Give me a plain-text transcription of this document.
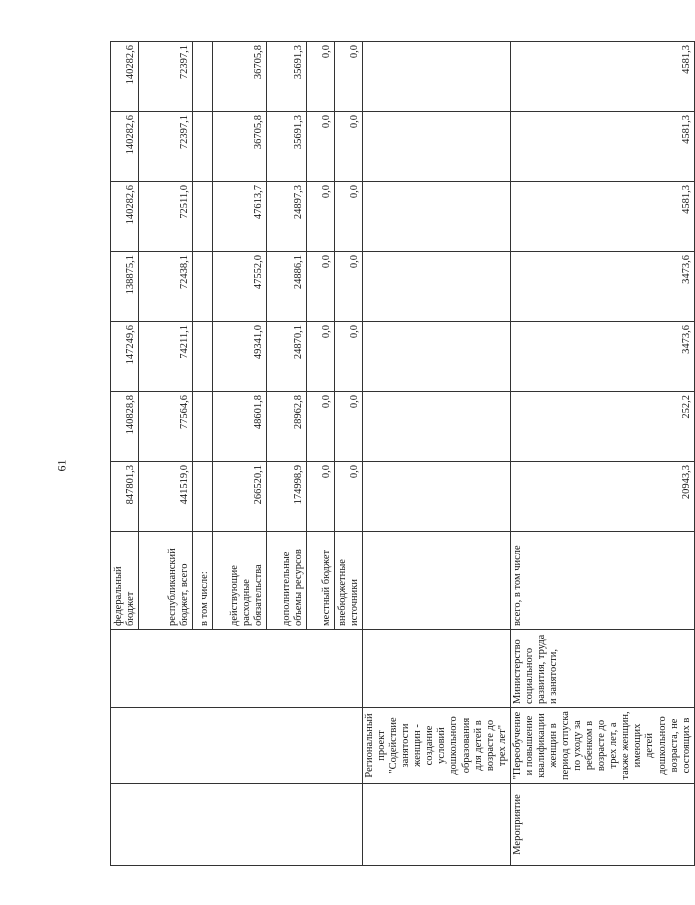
61
			федеральный бюджет	847801,3	140828,8	147249,6	138875,1	140282,6	140282,6	140282,6
			республиканский бюджет, всего	441519,0	77564,6	74211,1	72438,1	72511,0	72397,1	72397,1
			в том числе:							
			действующие расходные обязательства	266520,1	48601,8	49341,0	47552,0	47613,7	36705,8	36705,8
			дополнительные объемы ресурсов	174998,9	28962,8	24870,1	24886,1	24897,3	35691,3	35691,3
			местный бюджет	0,0	0,0	0,0	0,0	0,0	0,0	0,0
			внебюджетные источники	0,0	0,0	0,0	0,0	0,0	0,0	0,0
	Региональный проект "Содействие занятости женщин - создание условий дошкольного образования для детей в возрасте до трех лет"									
Мероприятие	"Переобучение и повышение квалификации женщин в период отпуска по уходу за ребенком в возрасте до трех лет, а также женщин, имеющих детей дошкольного возраста, не состоящих в	Министерство социального развития, труда и занятости,	всего, в том числе	20943,3	252,2	3473,6	3473,6	4581,3	4581,3	4581,3
